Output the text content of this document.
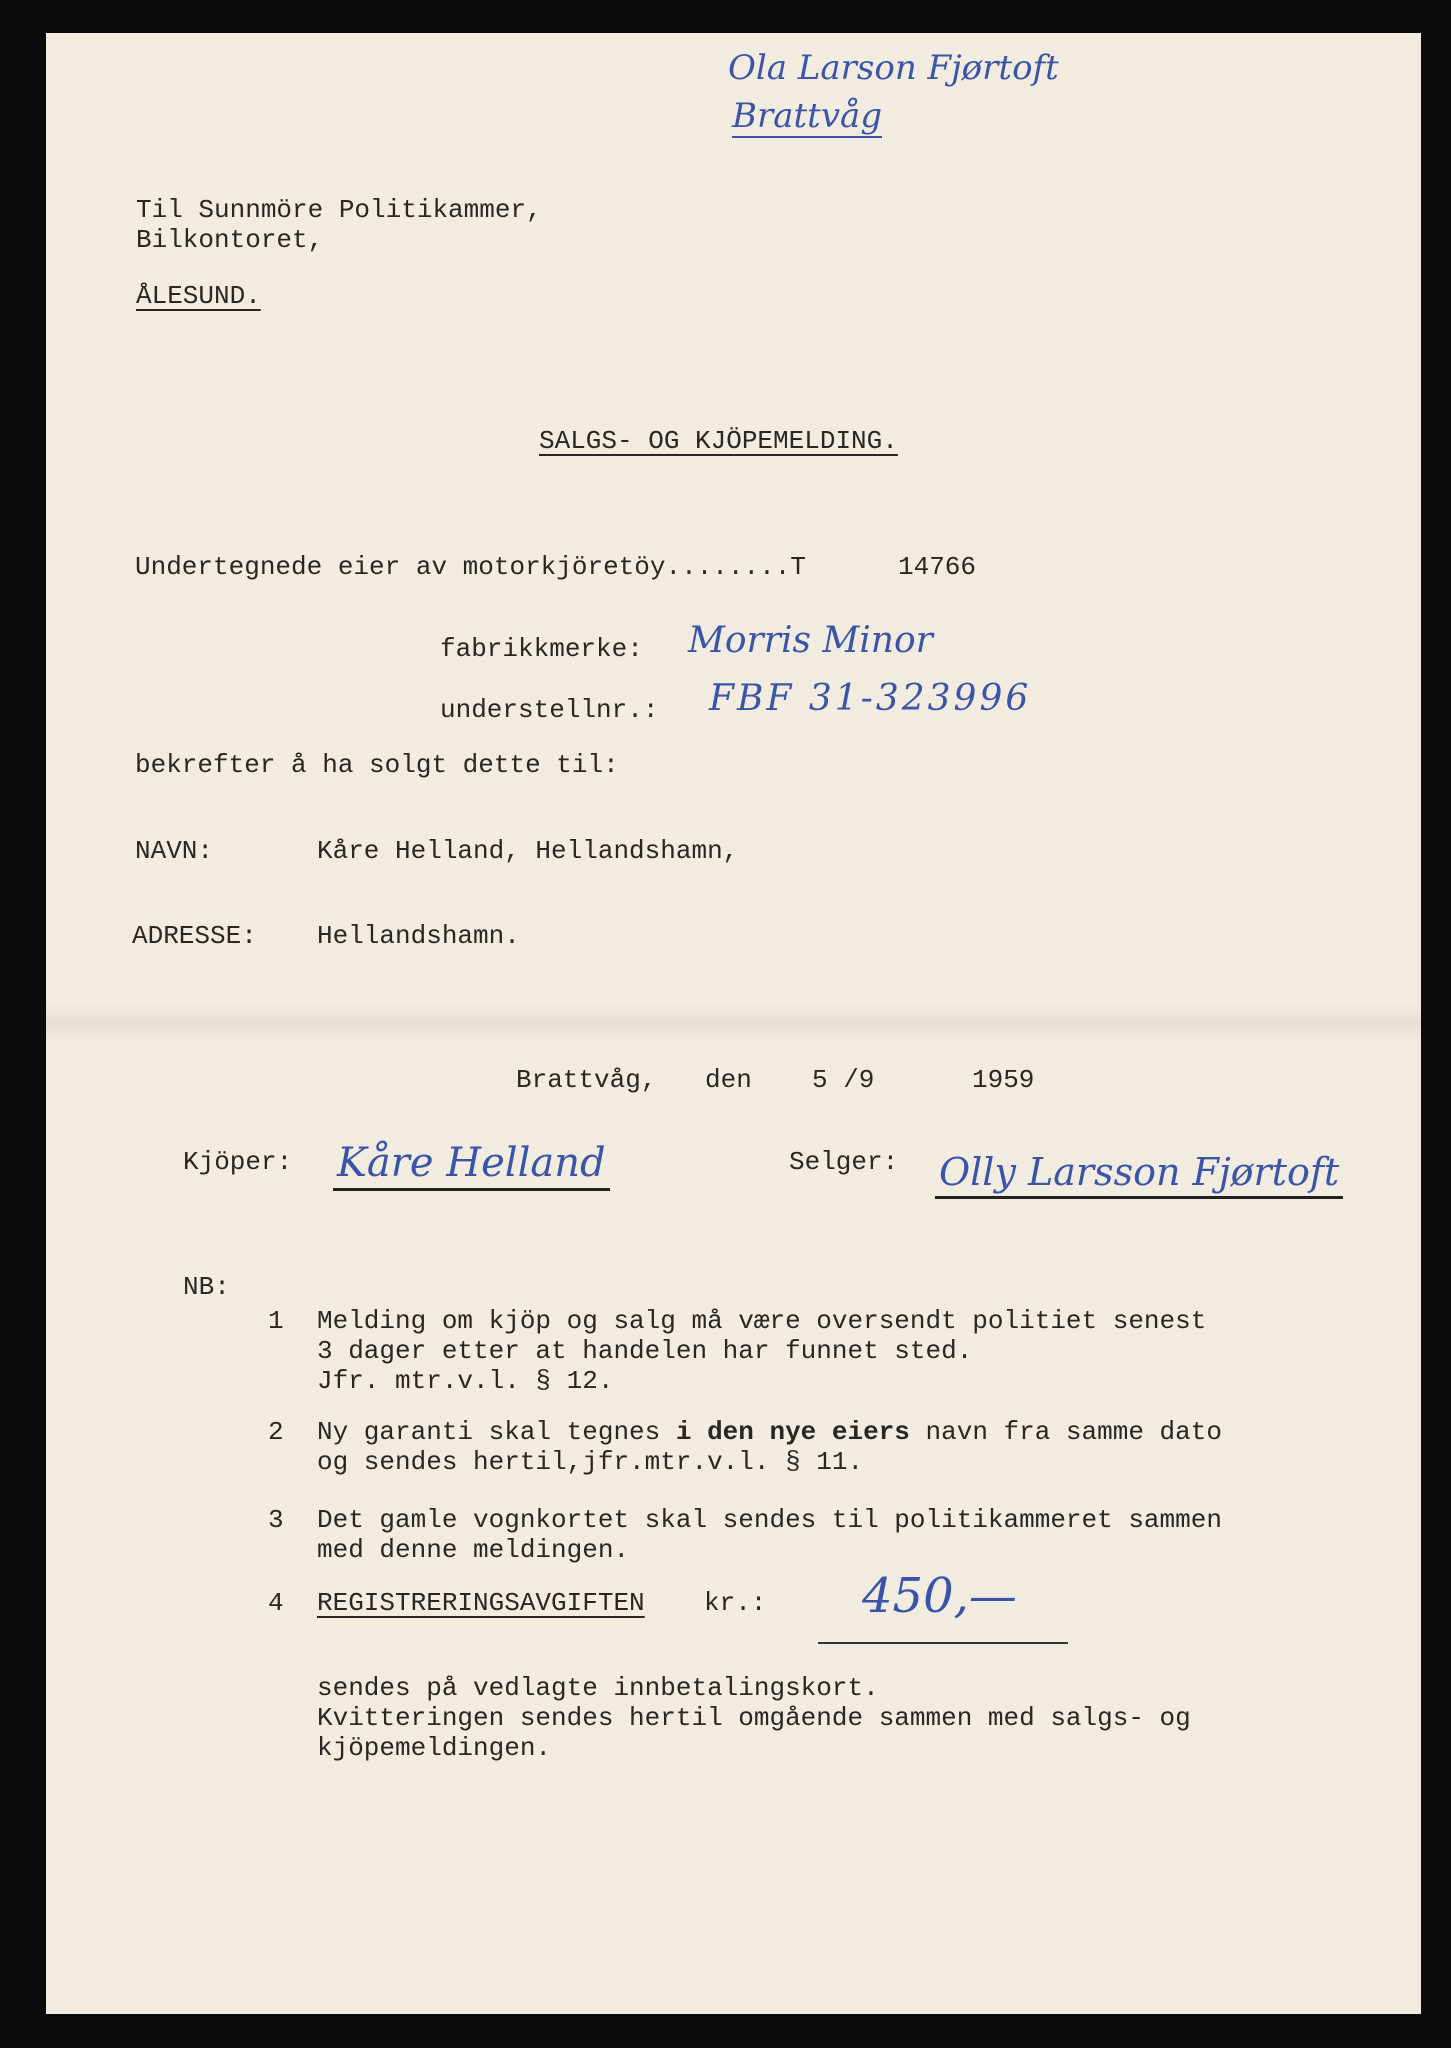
Ola Larson Fjørtoft
Brattvåg
Til Sunnmöre Politikammer,
Bilkontoret,
ÅLESUND.
SALGS- OG KJÖPEMELDING.
Undertegnede eier av motorkjöretöy........T	14766
fabrikkmerke: Morris Minor
understellnr.: FBF 31-323996
bekrefter å ha solgt dette til:
NAVN:	Kåre Helland, Hellandshamn,
ADRESSE: Hellandshamn.
Brattvåg, den 5 /9	1959
Kjöper: Kåre Helland	Selger: Olly Larsson Fjørtoft
NB:
1 Melding om kjöp og salg må være oversendt politiet senest
3 dager etter at handelen har funnet sted.
Jfr. mtr.v.l. § 12.
2 Ny garanti skal tegnes i den nye eiers navn fra samme dato
og sendes hertil,jfr.mtr.v.l. § 11.
3 Det gamle vognkortet skal sendes til politikammeret sammen
med denne meldingen.
4 REGISTRERINGSAVGIFTEN kr.: 450,—
sendes på vedlagte innbetalingskort.
Kvitteringen sendes hertil omgående sammen med salgs- og
kjöpemeldingen.
